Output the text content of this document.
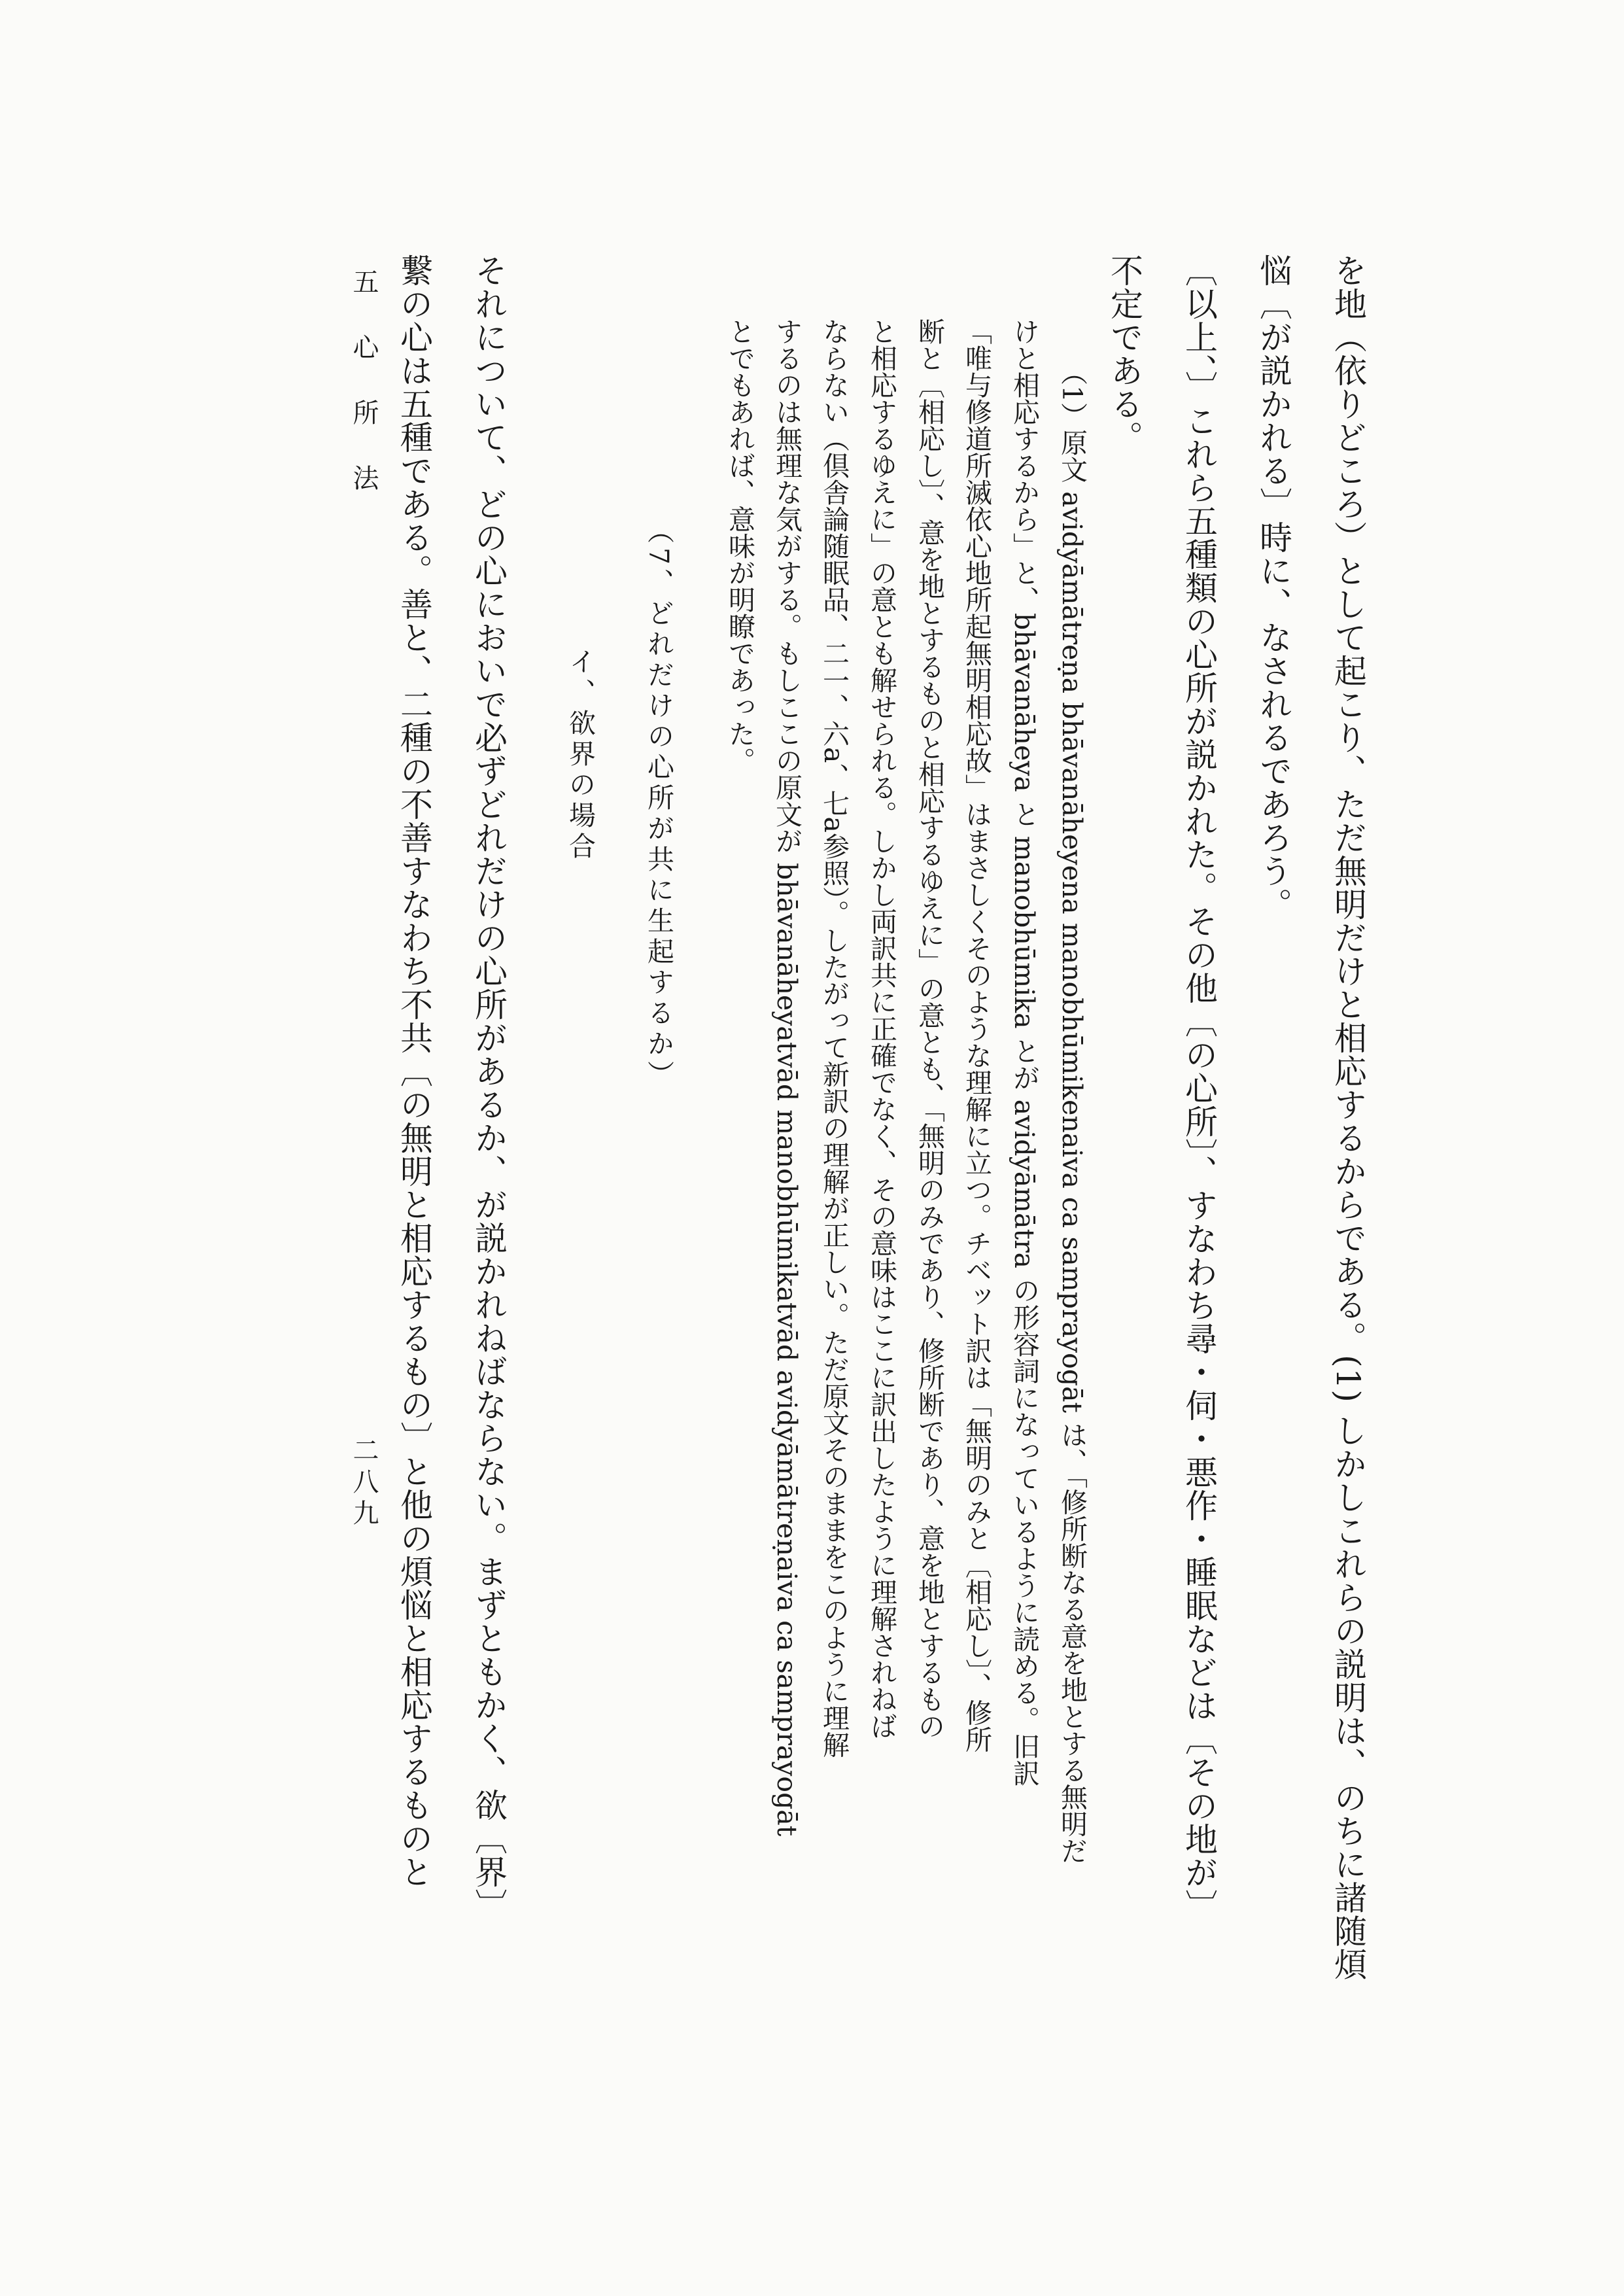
を地（依りどころ）として起こり、ただ無明だけと相応するからである。(1) しかしこれらの説明は、のちに諸随煩
悩〔が説かれる〕時に、なされるであろう。
〔以上、〕これら五種類の心所が説かれた。その他〔の心所〕、すなわち尋・伺・悪作・睡眠などは〔その地が〕
不定である。
（1）原文 avidyāmātreṇa bhāvanāheyena manobhūmikenaiva ca samprayogāt は、「修所断なる意を地とする無明だ
けと相応するから」と、bhāvanāheya と manobhūmika とが avidyāmātra の形容詞になっているように読める。旧訳
「唯与修道所滅依心地所起無明相応故」はまさしくそのような理解に立つ。チベット訳は「無明のみと〔相応し〕、修所
断と〔相応し〕、意を地とするものと相応するゆえに」の意とも、「無明のみであり、修所断であり、意を地とするもの
と相応するゆえに」の意とも解せられる。しかし両訳共に正確でなく、その意味はここに訳出したように理解されねば
ならない（倶舎論随眠品、二一、六a、七a参照）。したがって新訳の理解が正しい。ただ原文そのままをこのように理解
するのは無理な気がする。もしここの原文が bhāvanāheyatvād manobhūmikatvād avidyāmātreṇaiva ca samprayogāt
とでもあれば、意味が明瞭であった。
（7、どれだけの心所が共に生起するか）
イ、欲界の場合
それについて、どの心においで必ずどれだけの心所があるか、が説かれねばならない。まずともかく、欲〔界〕
繋の心は五種である。善と、二種の不善すなわち不共〔の無明と相応するもの〕と他の煩悩と相応するものと
五心所法
二八九
